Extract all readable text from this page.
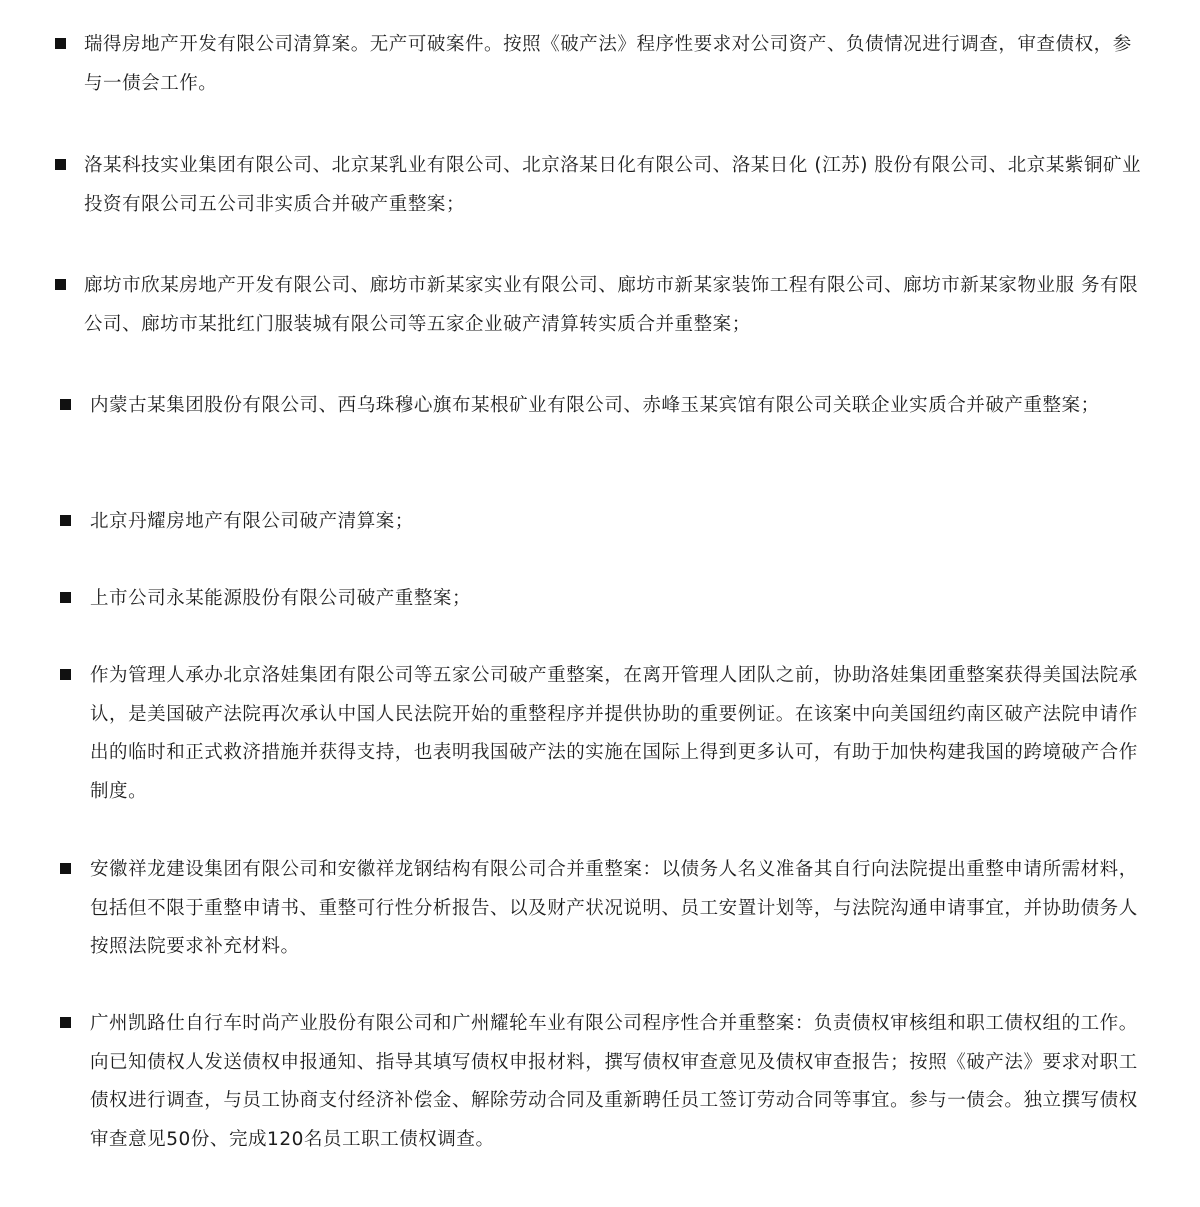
瑞得房地产开发有限公司清算案。无产可破案件。按照《破产法》程序性要求对公司资产、负债情况进行调查，审查债权，参与一债会工作。
洛某科技实业集团有限公司、北京某乳业有限公司、北京洛某日化有限公司、洛某日化 (江苏) 股份有限公司、北京某紫铜矿业投资有限公司五公司非实质合并破产重整案；
廊坊市欣某房地产开发有限公司、廊坊市新某家实业有限公司、廊坊市新某家装饰工程有限公司、廊坊市新某家物业服 务有限公司、廊坊市某批红门服装城有限公司等五家企业破产清算转实质合并重整案；
内蒙古某集团股份有限公司、西乌珠穆心旗布某根矿业有限公司、赤峰玉某宾馆有限公司关联企业实质合并破产重整案；
北京丹耀房地产有限公司破产清算案；
上市公司永某能源股份有限公司破产重整案；
作为管理人承办北京洛娃集团有限公司等五家公司破产重整案，在离开管理人团队之前，协助洛娃集团重整案获得美国法院承认，是美国破产法院再次承认中国人民法院开始的重整程序并提供协助的重要例证。在该案中向美国纽约南区破产法院申请作出的临时和正式救济措施并获得支持，也表明我国破产法的实施在国际上得到更多认可，有助于加快构建我国的跨境破产合作制度。
安徽祥龙建设集团有限公司和安徽祥龙钢结构有限公司合并重整案：以债务人名义准备其自行向法院提出重整申请所需材料，包括但不限于重整申请书、重整可行性分析报告、以及财产状况说明、员工安置计划等，与法院沟通申请事宜，并协助债务人按照法院要求补充材料。
广州凯路仕自行车时尚产业股份有限公司和广州耀轮车业有限公司程序性合并重整案：负责债权审核组和职工债权组的工作。向已知债权人发送债权申报通知、指导其填写债权申报材料，撰写债权审查意见及债权审查报告；按照《破产法》要求对职工债权进行调查，与员工协商支付经济补偿金、解除劳动合同及重新聘任员工签订劳动合同等事宜。参与一债会。独立撰写债权审查意见50份、完成120名员工职工债权调查。
